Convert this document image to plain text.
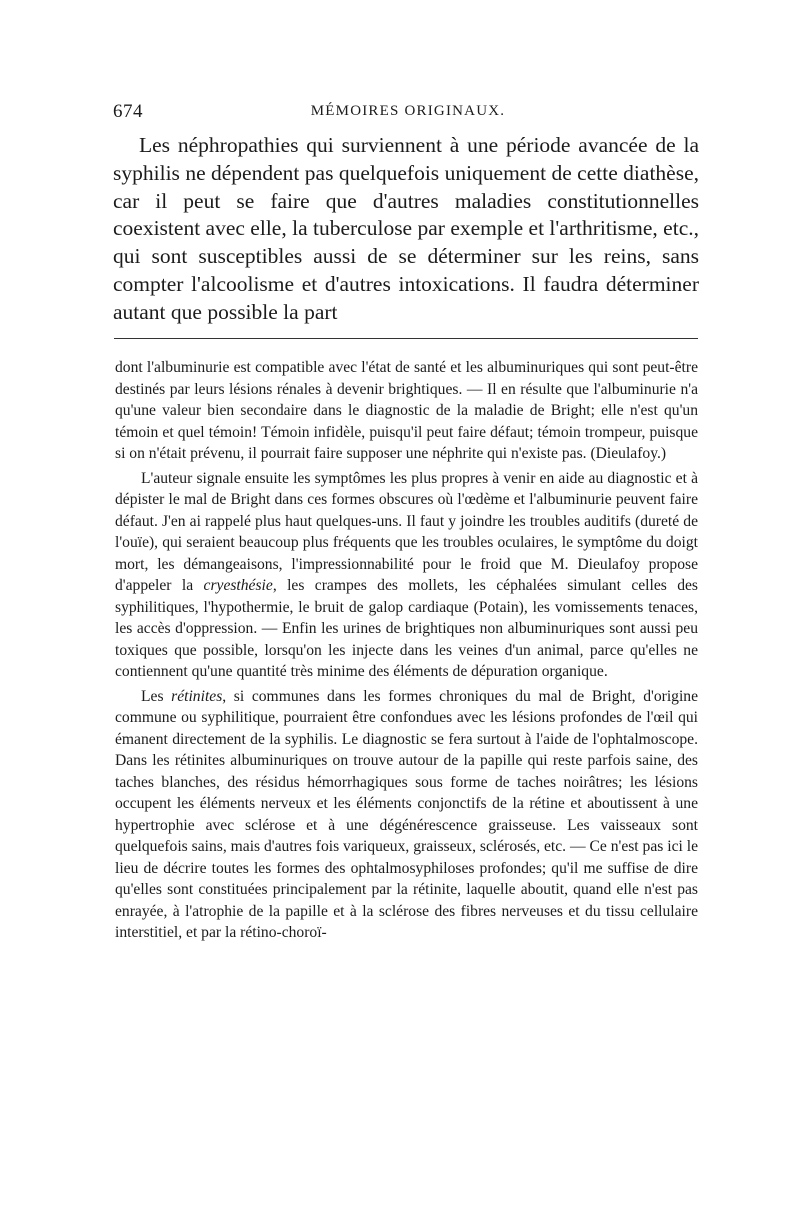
674	MÉMOIRES ORIGINAUX.

Les néphropathies qui surviennent à une période avancée de la syphilis ne dépendent pas quelquefois uniquement de cette diathèse, car il peut se faire que d'autres maladies constitutionnelles coexistent avec elle, la tuberculose par exemple et l'arthritisme, etc., qui sont susceptibles aussi de se déterminer sur les reins, sans compter l'alcoolisme et d'autres intoxications. Il faudra déterminer autant que possible la part

dont l'albuminurie est compatible avec l'état de santé et les albuminuriques qui sont peut-être destinés par leurs lésions rénales à devenir brightiques. — Il en résulte que l'albuminurie n'a qu'une valeur bien secondaire dans le diagnostic de la maladie de Bright; elle n'est qu'un témoin et quel témoin! Témoin infidèle, puisqu'il peut faire défaut; témoin trompeur, puisque si on n'était prévenu, il pourrait faire supposer une néphrite qui n'existe pas. (Dieulafoy.)

L'auteur signale ensuite les symptômes les plus propres à venir en aide au diagnostic et à dépister le mal de Bright dans ces formes obscures où l'œdème et l'albuminurie peuvent faire défaut. J'en ai rappelé plus haut quelques-uns. Il faut y joindre les troubles auditifs (dureté de l'ouïe), qui seraient beaucoup plus fréquents que les troubles oculaires, le symptôme du doigt mort, les démangeaisons, l'impressionnabilité pour le froid que M. Dieulafoy propose d'appeler la cryesthésie, les crampes des mollets, les céphalées simulant celles des syphilitiques, l'hypothermie, le bruit de galop cardiaque (Potain), les vomissements tenaces, les accès d'oppression. — Enfin les urines de brightiques non albuminuriques sont aussi peu toxiques que possible, lorsqu'on les injecte dans les veines d'un animal, parce qu'elles ne contiennent qu'une quantité très minime des éléments de dépuration organique.

Les rétinites, si communes dans les formes chroniques du mal de Bright, d'origine commune ou syphilitique, pourraient être confondues avec les lésions profondes de l'œil qui émanent directement de la syphilis. Le diagnostic se fera surtout à l'aide de l'ophtalmoscope. Dans les rétinites albuminuriques on trouve autour de la papille qui reste parfois saine, des taches blanches, des résidus hémorrhagiques sous forme de taches noirâtres; les lésions occupent les éléments nerveux et les éléments conjonctifs de la rétine et aboutissent à une hypertrophie avec sclérose et à une dégénérescence graisseuse. Les vaisseaux sont quelquefois sains, mais d'autres fois variqueux, graisseux, sclérosés, etc. — Ce n'est pas ici le lieu de décrire toutes les formes des ophtalmosyphiloses profondes; qu'il me suffise de dire qu'elles sont constituées principalement par la rétinite, laquelle aboutit, quand elle n'est pas enrayée, à l'atrophie de la papille et à la sclérose des fibres nerveuses et du tissu cellulaire interstitiel, et par la rétino-choroï-
